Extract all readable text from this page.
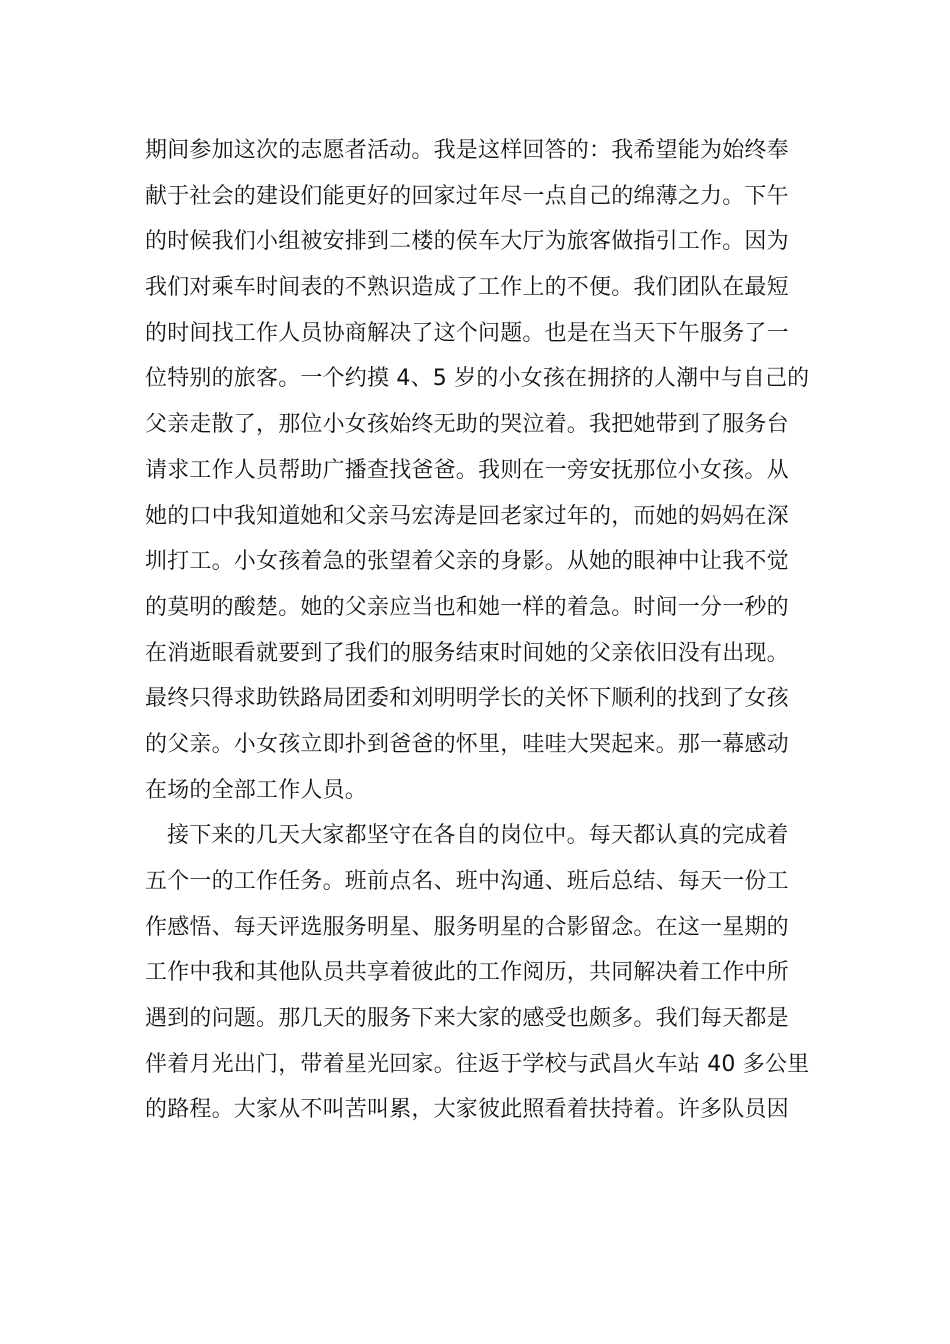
期间参加这次的志愿者活动。我是这样回答的：我希望能为始终奉
献于社会的建设们能更好的回家过年尽一点自己的绵薄之力。下午
的时候我们小组被安排到二楼的侯车大厅为旅客做指引工作。因为
我们对乘车时间表的不熟识造成了工作上的不便。我们团队在最短
的时间找工作人员协商解决了这个问题。也是在当天下午服务了一
位特别的旅客。一个约摸 4、5 岁的小女孩在拥挤的人潮中与自己的
父亲走散了，那位小女孩始终无助的哭泣着。我把她带到了服务台
请求工作人员帮助广播查找爸爸。我则在一旁安抚那位小女孩。从
她的口中我知道她和父亲马宏涛是回老家过年的，而她的妈妈在深
圳打工。小女孩着急的张望着父亲的身影。从她的眼神中让我不觉
的莫明的酸楚。她的父亲应当也和她一样的着急。时间一分一秒的
在消逝眼看就要到了我们的服务结束时间她的父亲依旧没有出现。
最终只得求助铁路局团委和刘明明学长的关怀下顺利的找到了女孩
的父亲。小女孩立即扑到爸爸的怀里，哇哇大哭起来。那一幕感动
在场的全部工作人员。
接下来的几天大家都坚守在各自的岗位中。每天都认真的完成着
五个一的工作任务。班前点名、班中沟通、班后总结、每天一份工
作感悟、每天评选服务明星、服务明星的合影留念。在这一星期的
工作中我和其他队员共享着彼此的工作阅历，共同解决着工作中所
遇到的问题。那几天的服务下来大家的感受也颇多。我们每天都是
伴着月光出门，带着星光回家。往返于学校与武昌火车站 40 多公里
的路程。大家从不叫苦叫累，大家彼此照看着扶持着。许多队员因
